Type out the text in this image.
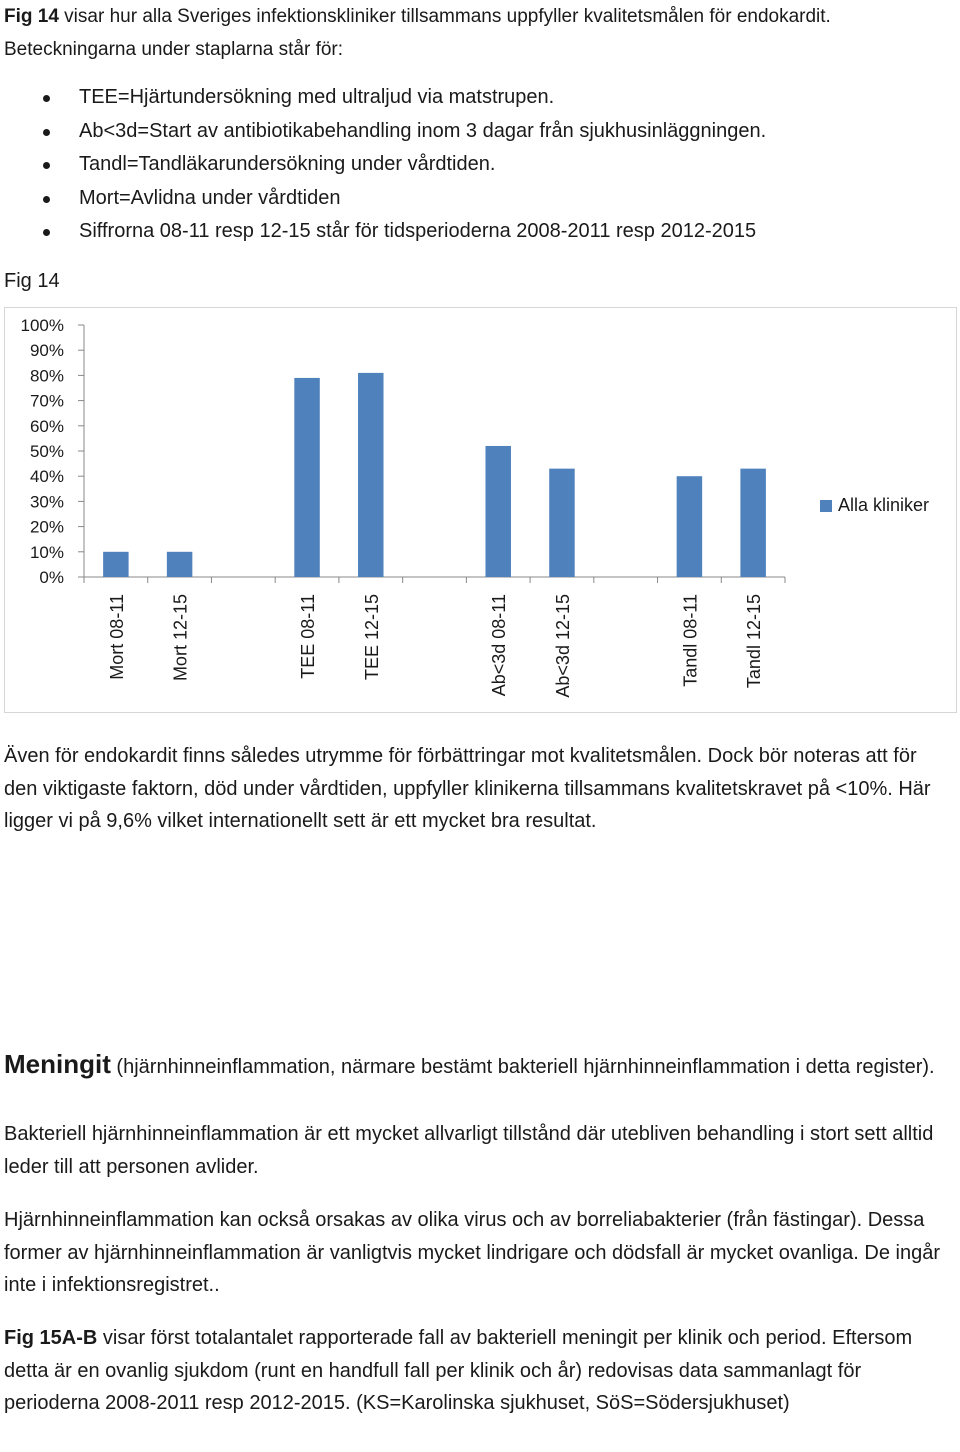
Fig 14 visar hur alla Sveriges infektionskliniker tillsammans uppfyller kvalitetsmålen för endokardit. Beteckningarna under staplarna står för:
TEE=Hjärtundersökning med ultraljud via matstrupen.
Ab<3d=Start av antibiotikabehandling inom 3 dagar från sjukhusinläggningen.
Tandl=Tandläkarundersökning under vårdtiden.
Mort=Avlidna under vårdtiden
Siffrorna 08-11 resp 12-15 står för tidsperioderna 2008-2011 resp 2012-2015
Fig 14
0%
10%
20%
30%
40%
50%
60%
70%
80%
90%
100%
Mort 08-11 Mort 12-15	TEE 08-11 TEE 12-15	Ab<3d 08-11 Ab<3d 12-15	Tandl 08-11 Tandl 12-15
Alla kliniker
Även för endokardit finns således utrymme för förbättringar mot kvalitetsmålen. Dock bör noteras att för den viktigaste faktorn, död under vårdtiden, uppfyller klinikerna tillsammans kvalitetskravet på <10%. Här ligger vi på 9,6% vilket internationellt sett är ett mycket bra resultat.
Meningit (hjärnhinneinflammation, närmare bestämt bakteriell hjärnhinneinflammation i detta register).
Bakteriell hjärnhinneinflammation är ett mycket allvarligt tillstånd där utebliven behandling i stort sett alltid leder till att personen avlider.
Hjärnhinneinflammation kan också orsakas av olika virus och av borreliabakterier (från fästingar). Dessa former av hjärnhinneinflammation är vanligtvis mycket lindrigare och dödsfall är mycket ovanliga. De ingår inte i infektionsregistret..
Fig 15A-B visar först totalantalet rapporterade fall av bakteriell meningit per klinik och period. Eftersom detta är en ovanlig sjukdom (runt en handfull fall per klinik och år) redovisas data sammanlagt för perioderna 2008-2011 resp 2012-2015. (KS=Karolinska sjukhuset, SöS=Södersjukhuset)
